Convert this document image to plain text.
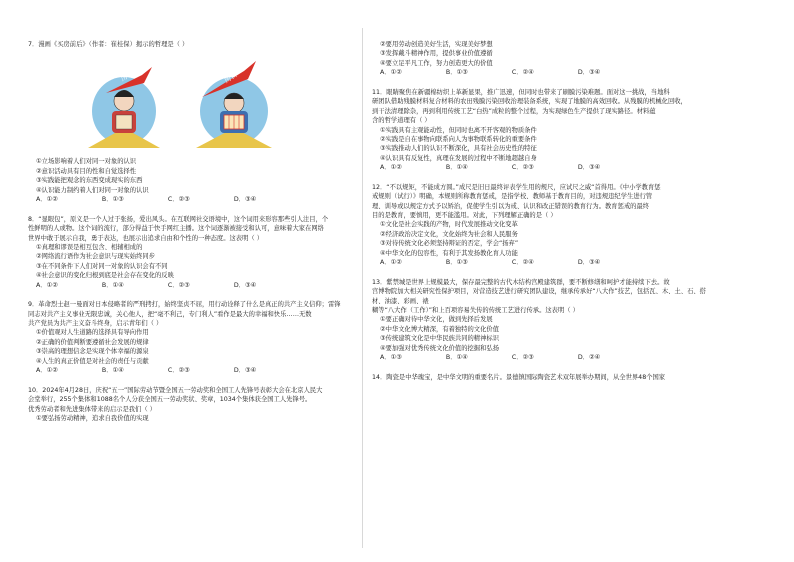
7．漫画《买房前后》（作者：崔桂保）揭示的哲理是（ ）

房价	房价

①立场影响着人们对同一对象的认识

②意识活动具有目的性和自觉选择性

③实践能把观念的东西变成现实的东西

④认识能力制约着人们对同一对象的认识

A．①②	B．①③	C．②③	D．③④

8．“显眼包”，原义是一个人过于张扬，爱出风头。在互联网社交语境中，这个词用来形容那些引人注目，个

性鲜明的人或物。这个词的流行，部分得益于快手网红主播。这个词逐渐被接受和认可，意味着大家在网络

世界中敢于展示自我，勇于表达，也展示出追求自由和个性的一种态度。这表明（ ）

①真理和谬误是相互包含、相辅相成的

②网络流行语作为社会意识与现实始终同步

③在不同条件下人们对同一对象的认识会有不同

④社会意识的变化归根到底是社会存在变化的反映

A．①②	B．①④	C．②③	D．③④

9．革命烈士赵一曼面对日本侵略者的严刑拷打，始终坚贞不屈，用行动诠释了什么是真正的共产主义信仰；雷锋

同志对共产主义事业无限忠诚，关心他人，把“毫不利己，专门利人”看作是最大的幸福和快乐……无数

共产党员为共产主义奋斗终身，启示青年们（ ）

①价值观对人生道路的选择具有导向作用

②正确的价值判断要遵循社会发展的规律

③崇高的理想信念是实现个体幸福的源泉

④人生的真正价值是对社会的责任与贡献

A．①②	B．①④	C．②③	D．③④

10．2024年4月28日，庆祝“五一”国际劳动节暨全国五一劳动奖和全国工人先锋号表彰大会在北京人民大

会堂举行，255个集体和1088名个人分获全国五一劳动奖状、奖章，1034个集体获全国工人先锋号。

优秀劳动者和先进集体带来的启示是我们（ ）

①要弘扬劳动精神，追求自我价值的实现

②要用劳动创造美好生活，实现美好梦想

③发挥戴斗精神作用，提供事业价值遵循

④要立足平凡工作，努力创造更大的价值

A．①②	B．①③	C．②④	D．③④

11．眼睛聚焦在新疆棉纺织上革新显果，推广迅速，但同时也带来了刷膜污染难题。面对这一挑战，当地科

研团队借助残膜材料复合材料的农田残膜污染回收治理装备系统，实现了地膜的高效回收。从残膜的机械化回收，

到干法清理除杂，再到利用传统工艺“白热”成粒的整个过程，为实现绿色生产提供了现实路径。材料蕴

含的哲学道理有（ ）

①实践具有主观能动性，但同时也离不开客观的物质条件

②实践是自在事物向联系向人为事物联系转化的重要条件

③实践推动人们的认识不断深化，具有社会历史性的特征

④认识具有反复性，真理在发展的过程中不断地超越自身

A．①②	B．①④	C．②③	D．③④

12．“不以规矩，不能成方圆。”成尺是旧日最终评表学生用的规尺，应试尺之威“首得用。《中小学教育惩

戒规则（试行）》明确，本规则所称教育惩戒，是指学校、教师基于教育目的，对违规违纪学生进行管

理、训导或以规定方式予以矫治，促使学生引以为戒、认识和改正错误的教育行为。教育惩戒的最终

目的是教育，要慎用，更不能滥用。对此，下列理解正确的是（ ）

①文化是社会实践的产物，时代发展推动文化变革

②经济政治决定文化，文化始终为社会和人民服务

③对待传统文化必须坚持辩证的否定，学会“扬弃”

④中华文化的包容性，有利于其发扬教化育人功能

A．①②	B．①③	C．②④	D．③④

13．紫禁城是世界上规模最大，保存最完整的古代木结构宫殿建筑群，要不断修缮和呵护才能持续下去。故

宫博物院加大相关研究性保护项目，对营造技艺进行研究团队建设，继承传承好“八大作”技艺，包括瓦、木、土、石、搭材、油漆、彩画、裱

糊等“八大作（工作）”和上百项容易失传的传统工艺进行传承。这表明（ ）

①要正确对待中华文化，做到先择后发展

②中华文化博大精深，有着独特的文化价值

③传统建筑文化是中华民族共同的精神标识

④要加强对优秀传统文化价值的挖掘和弘扬

A．①③	B．①④	C．②③	D．②④

14．陶瓷是中华瑰宝，是中华文明的重要名片。景德镇国际陶瓷艺术双年展举办期间，从全世界48个国家
